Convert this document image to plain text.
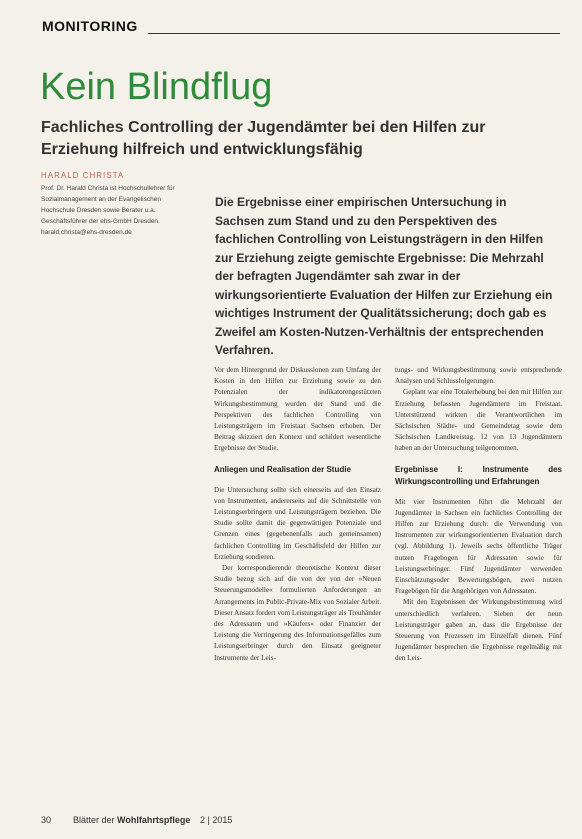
MONITORING
Kein Blindflug
Fachliches Controlling der Jugendämter bei den Hilfen zur Erziehung hilfreich und entwicklungsfähig
HARALD CHRISTA
Prof. Dr. Harald Christa ist Hochschullehrer für Sozialmanagement an der Evangelischen Hochschule Dresden sowie Berater u.a. Geschäftsführer der ehs-GmbH Dresden. harald.christa@ehs-dresden.de
Die Ergebnisse einer empirischen Untersuchung in Sachsen zum Stand und zu den Perspektiven des fachlichen Controlling von Leistungsträgern in den Hilfen zur Erziehung zeigte gemischte Ergebnisse: Die Mehrzahl der befragten Jugendämter sah zwar in der wirkungsorientierte Evaluation der Hilfen zur Erziehung ein wichtiges Instrument der Qualitätssicherung; doch gab es Zweifel am Kosten-Nutzen-Verhältnis der entsprechenden Verfahren.

Vor dem Hintergrund der Diskussionen zum Umfang der Kosten in den Hilfen zur Erziehung sowie zu den Potenzialen der indikatorengestützten Wirkungsbestimmung wurden der Stand und die Perspektiven des fachlichen Controlling von Leistungsträgern im Freistaat Sachsen erhoben. Der Beitrag skizziert den Kontext und schildert wesentliche Ergebnisse der Studie.

Anliegen und Realisation der Studie

Die Untersuchung sollte sich einerseits auf den Einsatz von Instrumenten, andererseits auf die Schnittstelle von Leistungserbringern und Leistungsträgern beziehen. Die Studie sollte damit die gegenwärtigen Potenziale und Grenzen eines (gegebenenfalls auch gemeinsamen) fachlichen Controlling im Geschäftsfeld der Hilfen zur Erziehung sondieren.

Der korrespondierende theoretische Kontext dieser Studie bezog sich auf die von der von der »Neuen Steuerungsmodelle« formulierten Anforderungen an Arrangements im Public-Private-Mix von Sozialer Arbeit. Dieser Ansatz fordert vom Leistungsträger als Treuhänder des Adressaten und »Käufers« oder Finanzier der Leistung die Verringerung des Informationsgefälles zum Leistungserbringer durch den Einsatz geeigneter Instrumente der Leis-

tungs- und Wirkungsbestimmung sowie entsprechende Analysen und Schlussfolgerungen.

Geplant war eine Totalerhebung bei den mit Hilfen zur Erziehung befassten Jugendämtern im Freistaat. Unterstützend wirkten die Verantwortlichen im Sächsischen Städte- und Gemeindetag sowie dem Sächsischen Landkreistag. 12 von 13 Jugendämtern haben an der Untersuchung teilgenommen.

Ergebnisse I: Instrumente des Wirkungscontrolling und Erfahrungen

Mit vier Instrumenten führt die Mehrzahl der Jugendämter in Sachsen ein fachliches Controlling der Hilfen zur Erziehung durch: die Verwendung von Instrumenten zur wirkungsorientierten Evaluation durch (vgl. Abbildung 1). Jeweils sechs öffentliche Träger nutzen Fragebogen für Adressaten sowie für Leistungserbringer. Fünf Jugendämter verwenden Einschätzungsoder Bewertungsbögen, zwei nutzen Fragebögen für die Angehörigen von Adressaten.

Mit den Ergebnissen der Wirkungsbestimmung wird unterschiedlich verfahren. Sieben der neun Leistungsträger gaben an, dass die Ergebnisse der Steuerung von Prozessen im Einzelfall dienen. Fünf Jugendämter besprechen die Ergebnisse regelmäßig mit den Leis-

30 Blätter der Wohlfahrtspflege 2 | 2015
